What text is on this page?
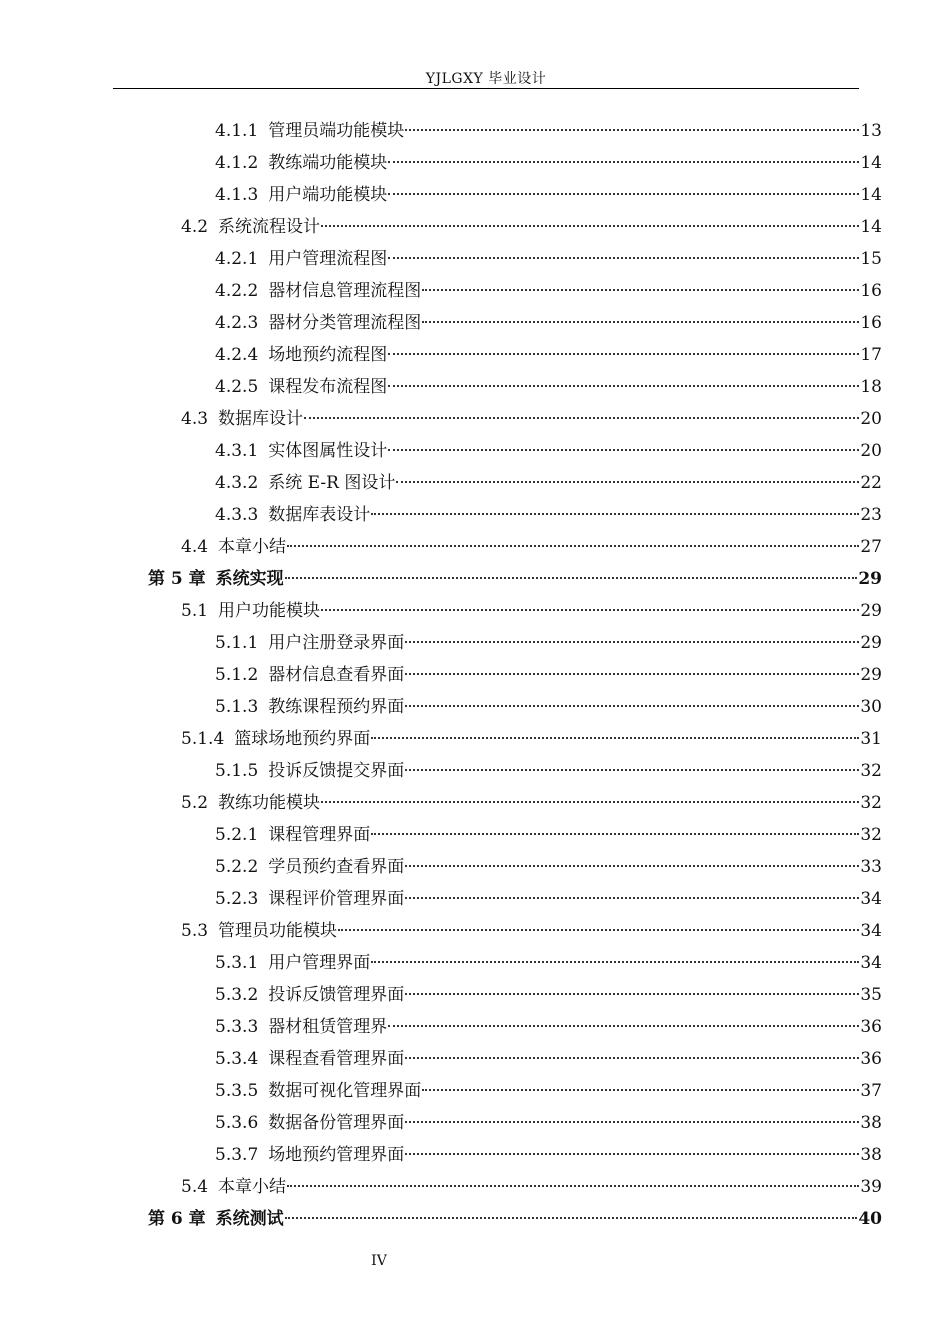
YJLGXY 毕业设计
4.1.1 管理员端功能模块	13
4.1.2 教练端功能模块	14
4.1.3 用户端功能模块	14
4.2 系统流程设计	14
4.2.1 用户管理流程图	15
4.2.2 器材信息管理流程图	16
4.2.3 器材分类管理流程图	16
4.2.4 场地预约流程图	17
4.2.5 课程发布流程图	18
4.3 数据库设计	20
4.3.1 实体图属性设计	20
4.3.2 系统 E-R 图设计	22
4.3.3 数据库表设计	23
4.4 本章小结	27
第 5 章 系统实现	29
5.1 用户功能模块	29
5.1.1 用户注册登录界面	29
5.1.2 器材信息查看界面	29
5.1.3 教练课程预约界面	30
5.1.4 篮球场地预约界面	31
5.1.5 投诉反馈提交界面	32
5.2 教练功能模块	32
5.2.1 课程管理界面	32
5.2.2 学员预约查看界面	33
5.2.3 课程评价管理界面	34
5.3 管理员功能模块	34
5.3.1 用户管理界面	34
5.3.2 投诉反馈管理界面	35
5.3.3 器材租赁管理界	36
5.3.4 课程查看管理界面	36
5.3.5 数据可视化管理界面	37
5.3.6 数据备份管理界面	38
5.3.7 场地预约管理界面	38
5.4 本章小结	39
第 6 章 系统测试	40
IV
